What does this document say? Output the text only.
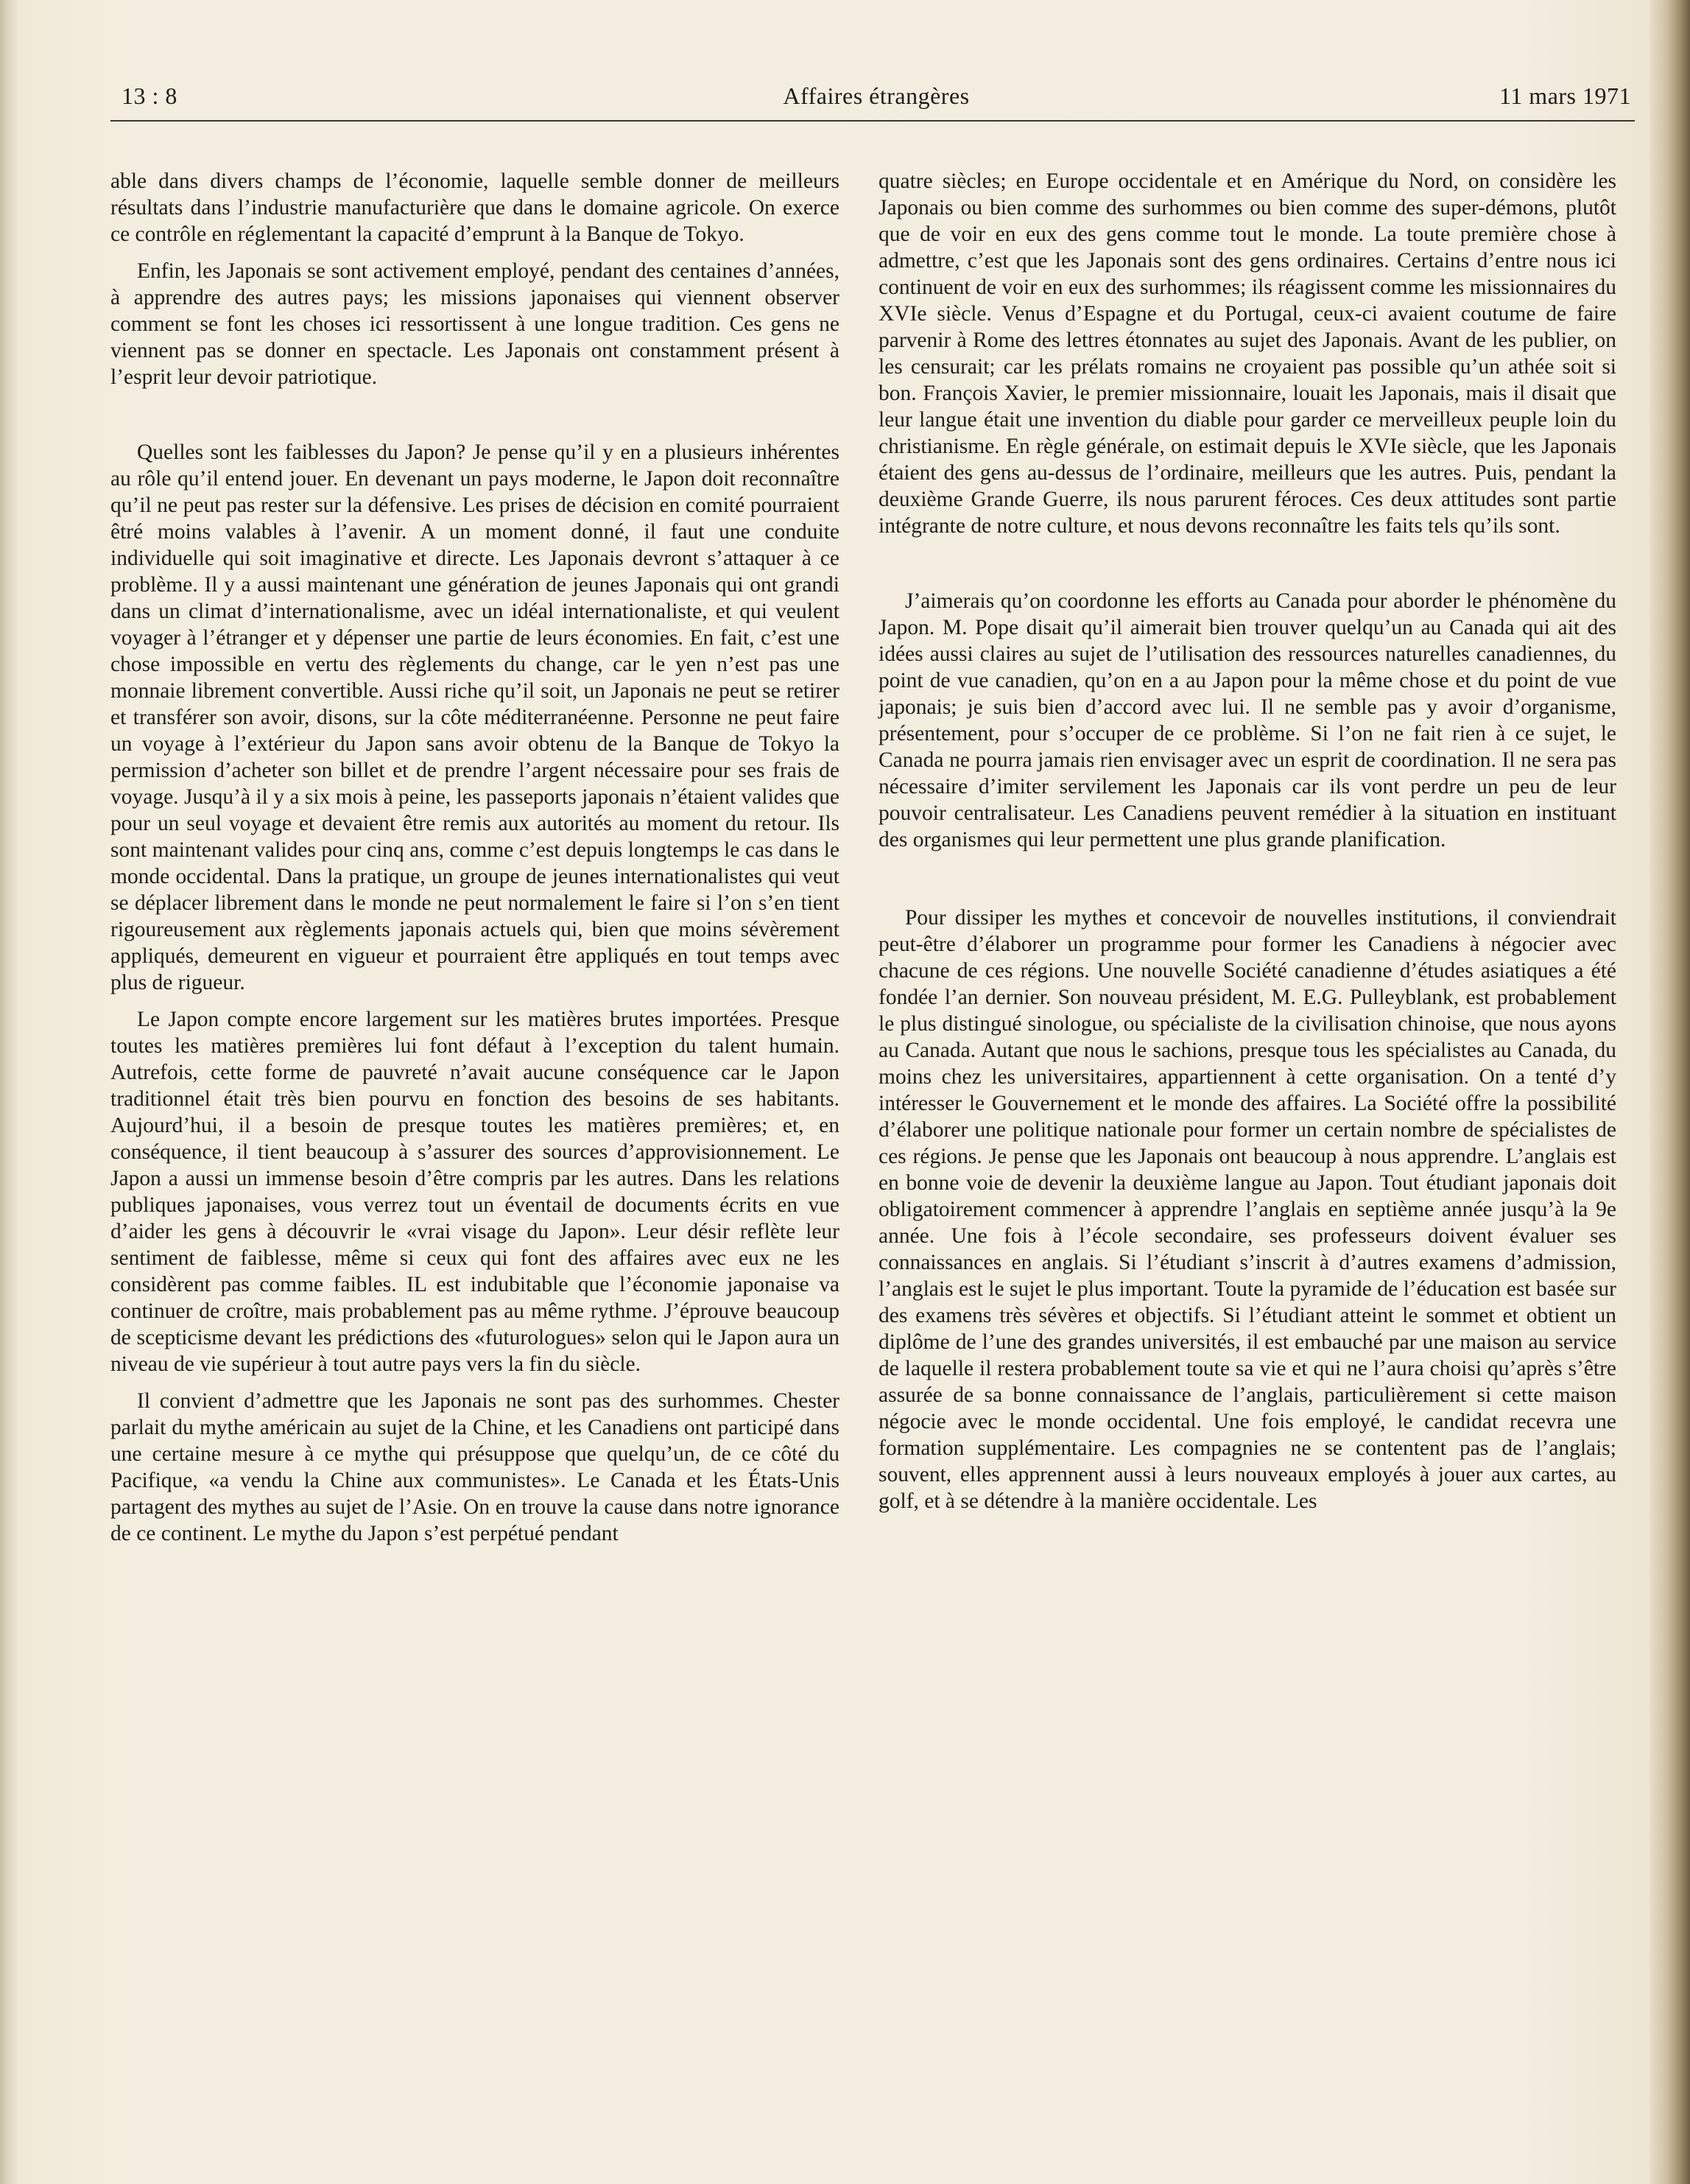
13 : 8	Affaires étrangères	11 mars 1971

able dans divers champs de l’économie, laquelle semble donner de meilleurs résultats dans l’industrie manufacturière que dans le domaine agricole. On exerce ce contrôle en réglementant la capacité d’emprunt à la Banque de Tokyo.

Enfin, les Japonais se sont activement employé, pendant des centaines d’années, à apprendre des autres pays; les missions japonaises qui viennent observer comment se font les choses ici ressortissent à une longue tradition. Ces gens ne viennent pas se donner en spectacle. Les Japonais ont constamment présent à l’esprit leur devoir patriotique.

Quelles sont les faiblesses du Japon? Je pense qu’il y en a plusieurs inhérentes au rôle qu’il entend jouer. En devenant un pays moderne, le Japon doit reconnaître qu’il ne peut pas rester sur la défensive. Les prises de décision en comité pourraient êtré moins valables à l’avenir. A un moment donné, il faut une conduite individuelle qui soit imaginative et directe. Les Japonais devront s’attaquer à ce problème. Il y a aussi maintenant une génération de jeunes Japonais qui ont grandi dans un climat d’internationalisme, avec un idéal internationaliste, et qui veulent voyager à l’étranger et y dépenser une partie de leurs économies. En fait, c’est une chose impossible en vertu des règlements du change, car le yen n’est pas une monnaie librement convertible. Aussi riche qu’il soit, un Japonais ne peut se retirer et transférer son avoir, disons, sur la côte méditerranéenne. Personne ne peut faire un voyage à l’extérieur du Japon sans avoir obtenu de la Banque de Tokyo la permission d’acheter son billet et de prendre l’argent nécessaire pour ses frais de voyage. Jusqu’à il y a six mois à peine, les passeports japonais n’étaient valides que pour un seul voyage et devaient être remis aux autorités au moment du retour. Ils sont maintenant valides pour cinq ans, comme c’est depuis longtemps le cas dans le monde occidental. Dans la pratique, un groupe de jeunes internationalistes qui veut se déplacer librement dans le monde ne peut normalement le faire si l’on s’en tient rigoureusement aux règlements japonais actuels qui, bien que moins sévèrement appliqués, demeurent en vigueur et pourraient être appliqués en tout temps avec plus de rigueur.

Le Japon compte encore largement sur les matières brutes importées. Presque toutes les matières premières lui font défaut à l’exception du talent humain. Autrefois, cette forme de pauvreté n’avait aucune conséquence car le Japon traditionnel était très bien pourvu en fonction des besoins de ses habitants. Aujourd’hui, il a besoin de presque toutes les matières premières; et, en conséquence, il tient beaucoup à s’assurer des sources d’approvisionnement. Le Japon a aussi un immense besoin d’être compris par les autres. Dans les relations publiques japonaises, vous verrez tout un éventail de documents écrits en vue d’aider les gens à découvrir le «vrai visage du Japon». Leur désir reflète leur sentiment de faiblesse, même si ceux qui font des affaires avec eux ne les considèrent pas comme faibles. IL est indubitable que l’économie japonaise va continuer de croître, mais probablement pas au même rythme. J’éprouve beaucoup de scepticisme devant les prédictions des «futurologues» selon qui le Japon aura un niveau de vie supérieur à tout autre pays vers la fin du siècle.

Il convient d’admettre que les Japonais ne sont pas des surhommes. Chester parlait du mythe américain au sujet de la Chine, et les Canadiens ont participé dans une certaine mesure à ce mythe qui présuppose que quelqu’un, de ce côté du Pacifique, «a vendu la Chine aux communistes». Le Canada et les États-Unis partagent des mythes au sujet de l’Asie. On en trouve la cause dans notre ignorance de ce continent. Le mythe du Japon s’est perpétué pendant

quatre siècles; en Europe occidentale et en Amérique du Nord, on considère les Japonais ou bien comme des surhommes ou bien comme des super-démons, plutôt que de voir en eux des gens comme tout le monde. La toute première chose à admettre, c’est que les Japonais sont des gens ordinaires. Certains d’entre nous ici continuent de voir en eux des surhommes; ils réagissent comme les missionnaires du XVIe siècle. Venus d’Espagne et du Portugal, ceux-ci avaient coutume de faire parvenir à Rome des lettres étonnates au sujet des Japonais. Avant de les publier, on les censurait; car les prélats romains ne croyaient pas possible qu’un athée soit si bon. François Xavier, le premier missionnaire, louait les Japonais, mais il disait que leur langue était une invention du diable pour garder ce merveilleux peuple loin du christianisme. En règle générale, on estimait depuis le XVIe siècle, que les Japonais étaient des gens au-dessus de l’ordinaire, meilleurs que les autres. Puis, pendant la deuxième Grande Guerre, ils nous parurent féroces. Ces deux attitudes sont partie intégrante de notre culture, et nous devons reconnaître les faits tels qu’ils sont.

J’aimerais qu’on coordonne les efforts au Canada pour aborder le phénomène du Japon. M. Pope disait qu’il aimerait bien trouver quelqu’un au Canada qui ait des idées aussi claires au sujet de l’utilisation des ressources naturelles canadiennes, du point de vue canadien, qu’on en a au Japon pour la même chose et du point de vue japonais; je suis bien d’accord avec lui. Il ne semble pas y avoir d’organisme, présentement, pour s’occuper de ce problème. Si l’on ne fait rien à ce sujet, le Canada ne pourra jamais rien envisager avec un esprit de coordination. Il ne sera pas nécessaire d’imiter servilement les Japonais car ils vont perdre un peu de leur pouvoir centralisateur. Les Canadiens peuvent remédier à la situation en instituant des organismes qui leur permettent une plus grande planification.

Pour dissiper les mythes et concevoir de nouvelles institutions, il conviendrait peut-être d’élaborer un programme pour former les Canadiens à négocier avec chacune de ces régions. Une nouvelle Société canadienne d’études asiatiques a été fondée l’an dernier. Son nouveau président, M. E.G. Pulleyblank, est probablement le plus distingué sinologue, ou spécialiste de la civilisation chinoise, que nous ayons au Canada. Autant que nous le sachions, presque tous les spécialistes au Canada, du moins chez les universitaires, appartiennent à cette organisation. On a tenté d’y intéresser le Gouvernement et le monde des affaires. La Société offre la possibilité d’élaborer une politique nationale pour former un certain nombre de spécialistes de ces régions. Je pense que les Japonais ont beaucoup à nous apprendre. L’anglais est en bonne voie de devenir la deuxième langue au Japon. Tout étudiant japonais doit obligatoirement commencer à apprendre l’anglais en septième année jusqu’à la 9e année. Une fois à l’école secondaire, ses professeurs doivent évaluer ses connaissances en anglais. Si l’étudiant s’inscrit à d’autres examens d’admission, l’anglais est le sujet le plus important. Toute la pyramide de l’éducation est basée sur des examens très sévères et objectifs. Si l’étudiant atteint le sommet et obtient un diplôme de l’une des grandes universités, il est embauché par une maison au service de laquelle il restera probablement toute sa vie et qui ne l’aura choisi qu’après s’être assurée de sa bonne connaissance de l’anglais, particulièrement si cette maison négocie avec le monde occidental. Une fois employé, le candidat recevra une formation supplémentaire. Les compagnies ne se contentent pas de l’anglais; souvent, elles apprennent aussi à leurs nouveaux employés à jouer aux cartes, au golf, et à se détendre à la manière occidentale. Les
